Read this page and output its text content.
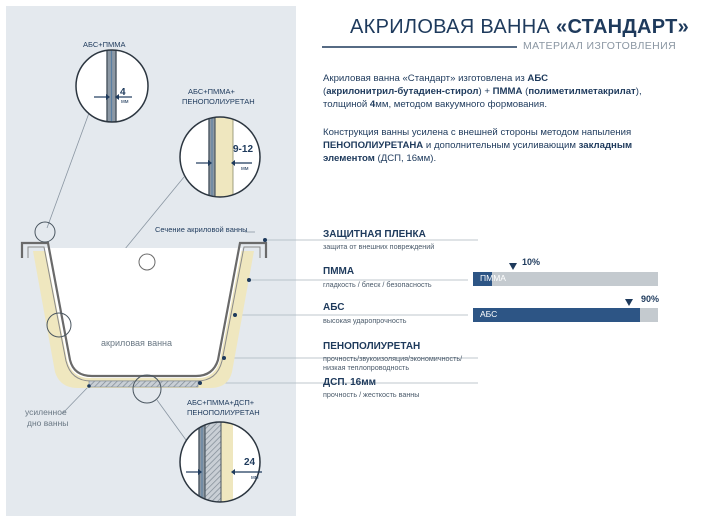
4
мм
АБС+ПММА
9-12
мм
АБС+ПММА+
ПЕНОПОЛИУРЕТАН
24
мм
АБС+ПММА+ДСП+
ПЕНОПОЛИУРЕТАН
Сечение акриловой ванны
акриловая ванна
усиленное
дно ванны
АКРИЛОВАЯ ВАННА «СТАНДАРТ»
МАТЕРИАЛ ИЗГОТОВЛЕНИЯ
Акриловая ванна «Стандарт» изготовлена из АБС
(акрилонитрил-бутадиен-стирол) + ПММА (полиметилметакрилат),
толщиной 4мм, методом вакуумного формования.
Конструкция ванны усилена с внешней стороны методом напыления
ПЕНОПОЛИУРЕТАНА и дополнительным усиливающим закладным
элементом (ДСП, 16мм).
ЗАЩИТНАЯ ПЛЕНКА
защита от внешних повреждений
ПММА
гладкость / блеск / безопасность
АБС
высокая ударопрочность
ПЕНОПОЛИУРЕТАН
прочность/звукоизоляция/экономичность/
низкая теплопроводность
ДСП. 16мм
прочность / жесткость ванны
10%
ПММА
90%
АБС
